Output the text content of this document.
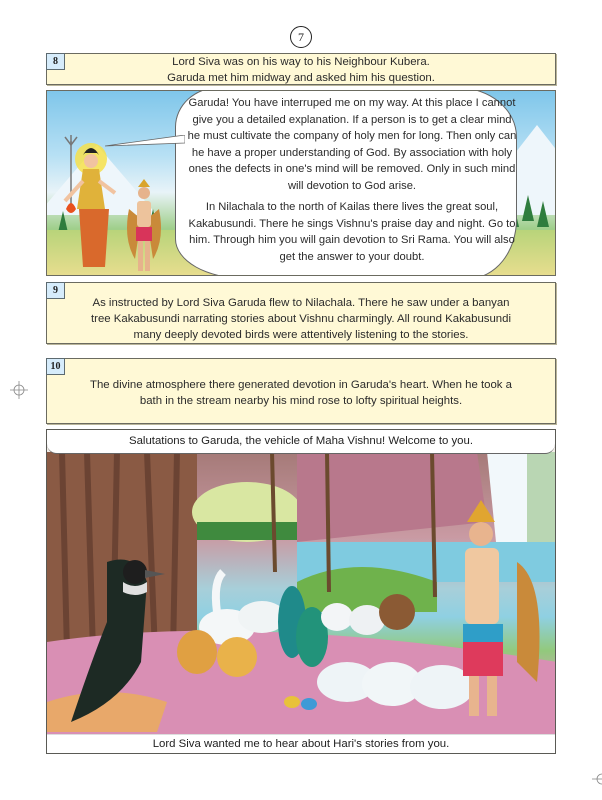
7
8	Lord Siva was on his way to his Neighbour Kubera.
Garuda met him midway and asked him his question.

Garuda! You have interruped me on my way. At this place I cannot give you a detailed explanation. If a person is to get a clear mind he must cultivate the company of holy men for long. Then only can he have a proper understanding of God. By association with holy ones the defects in one's mind will be removed. Only in such mind will devotion to God arise.

In Nilachala to the north of Kailas there lives the great soul, Kakabusundi. There he sings Vishnu's praise day and night. Go to him. Through him you will gain devotion to Sri Rama. You will also get the answer to your doubt.

9
As instructed by Lord Siva Garuda flew to Nilachala. There he saw under a banyan tree Kakabusundi narrating stories about Vishnu charmingly. All round Kakabusundi many deeply devoted birds were attentively listening to the stories.
10
The divine atmosphere there generated devotion in Garuda's heart. When he took a bath in the stream nearby his mind rose to lofty spiritual heights.
Salutations to Garuda, the vehicle of Maha Vishnu! Welcome to you.
Lord Siva wanted me to hear about Hari's stories from you.
